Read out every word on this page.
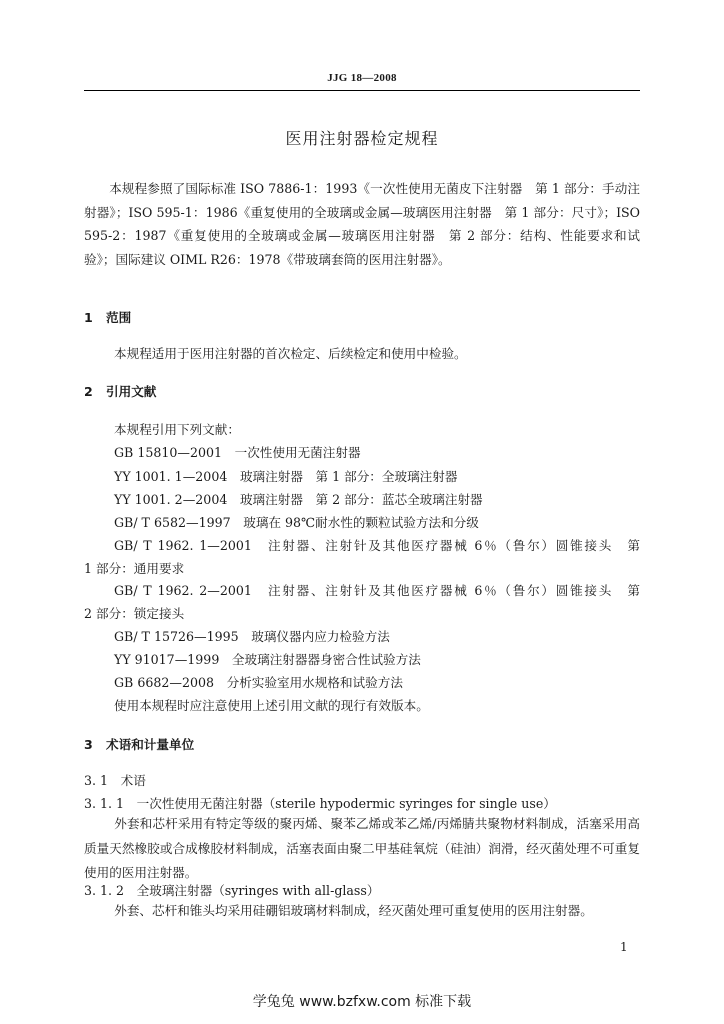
JJG 18—2008
医用注射器检定规程

本规程参照了国际标准 ISO 7886-1：1993《一次性使用无菌皮下注射器　第 1 部分：手动注射器》；ISO 595-1：1986《重复使用的全玻璃或金属—玻璃医用注射器　第 1 部分：尺寸》；ISO 595-2：1987《重复使用的全玻璃或金属—玻璃医用注射器　第 2 部分：结构、性能要求和试验》；国际建议 OIML R26：1978《带玻璃套筒的医用注射器》。

1 范围

本规程适用于医用注射器的首次检定、后续检定和使用中检验。

2 引用文献

本规程引用下列文献：

GB 15810—2001　一次性使用无菌注射器

YY 1001. 1—2004　玻璃注射器　第 1 部分：全玻璃注射器

YY 1001. 2—2004　玻璃注射器　第 2 部分：蓝芯全玻璃注射器

GB/ T 6582—1997　玻璃在 98℃耐水性的颗粒试验方法和分级

GB/ T 1962. 1—2001　注射器、注射针及其他医疗器械 6％（鲁尔）圆锥接头　第

1 部分：通用要求

GB/ T 1962. 2—2001　注射器、注射针及其他医疗器械 6％（鲁尔）圆锥接头　第

2 部分：锁定接头

GB/ T 15726—1995　玻璃仪器内应力检验方法

YY 91017—1999　全玻璃注射器器身密合性试验方法

GB 6682—2008　分析实验室用水规格和试验方法

使用本规程时应注意使用上述引用文献的现行有效版本。

3 术语和计量单位

3. 1　术语

3. 1. 1　一次性使用无菌注射器（sterile hypodermic syringes for single use）

外套和芯杆采用有特定等级的聚丙烯、聚苯乙烯或苯乙烯/丙烯腈共聚物材料制成，活塞采用高质量天然橡胶或合成橡胶材料制成，活塞表面由聚二甲基硅氧烷（硅油）润滑，经灭菌处理不可重复使用的医用注射器。

3. 1. 2　全玻璃注射器（syringes with all-glass）

外套、芯杆和锥头均采用硅硼铝玻璃材料制成，经灭菌处理可重复使用的医用注射器。

1
学兔兔 www.bzfxw.com 标准下载
